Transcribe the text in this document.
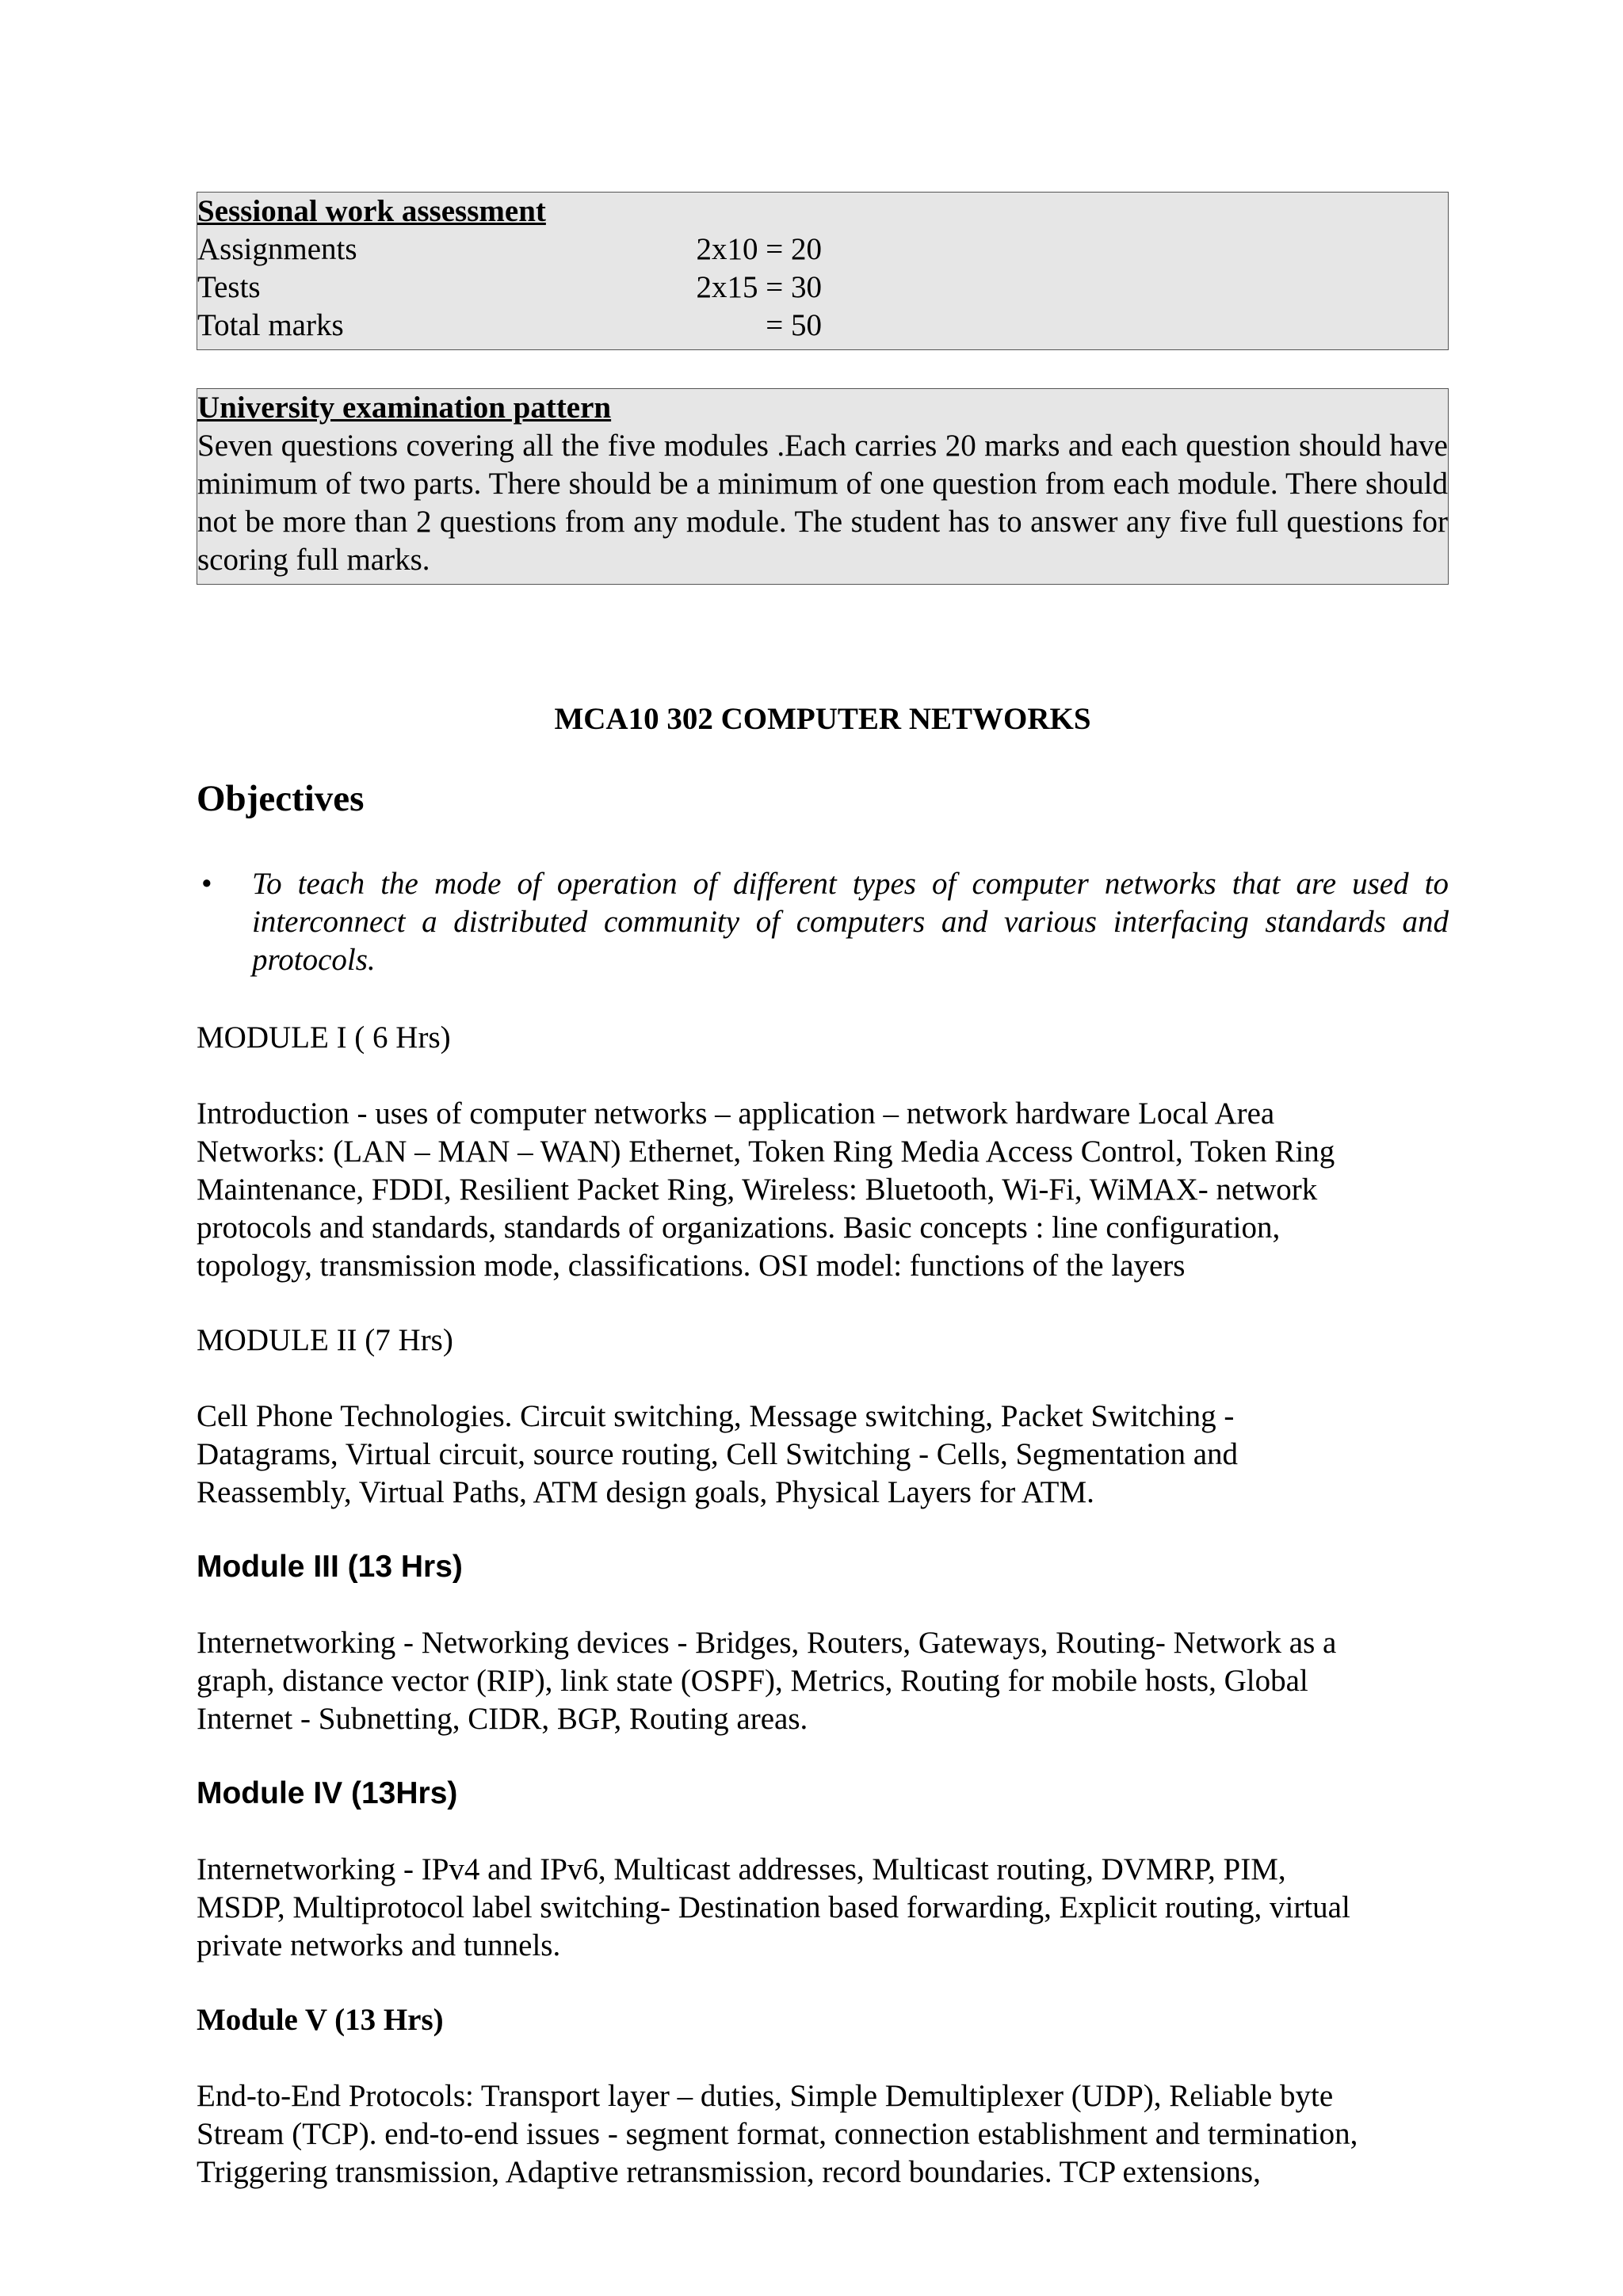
Sessional work assessment
Assignments	2x10 = 20
Tests	2x15 = 30
Total marks	= 50
University examination pattern
Seven questions covering all the five modules .Each carries 20 marks and each question should have minimum of two parts. There should be a minimum of one question from each module. There should not be more than 2 questions from any module. The student has to answer any five full questions for scoring full marks.
MCA10 302 COMPUTER NETWORKS
Objectives
• To teach the mode of operation of different types of computer networks that are used to interconnect a distributed community of computers and various interfacing standards and protocols.
MODULE I ( 6 Hrs)
Introduction - uses of computer networks – application – network hardware Local Area
Networks: (LAN – MAN – WAN) Ethernet, Token Ring Media Access Control, Token Ring
Maintenance, FDDI, Resilient Packet Ring, Wireless: Bluetooth, Wi-Fi, WiMAX- network
protocols and standards, standards of organizations. Basic concepts : line configuration,
topology, transmission mode, classifications. OSI model: functions of the layers
MODULE II (7 Hrs)
Cell Phone Technologies. Circuit switching, Message switching, Packet Switching -
Datagrams, Virtual circuit, source routing, Cell Switching - Cells, Segmentation and
Reassembly, Virtual Paths, ATM design goals, Physical Layers for ATM.
Module III (13 Hrs)
Internetworking - Networking devices - Bridges, Routers, Gateways, Routing- Network as a
graph, distance vector (RIP), link state (OSPF), Metrics, Routing for mobile hosts, Global
Internet - Subnetting, CIDR, BGP, Routing areas.
Module IV (13Hrs)
Internetworking - IPv4 and IPv6, Multicast addresses, Multicast routing, DVMRP, PIM,
MSDP, Multiprotocol label switching- Destination based forwarding, Explicit routing, virtual
private networks and tunnels.
Module V (13 Hrs)
End-to-End Protocols: Transport layer – duties, Simple Demultiplexer (UDP), Reliable byte
Stream (TCP). end-to-end issues - segment format, connection establishment and termination,
Triggering transmission, Adaptive retransmission, record boundaries. TCP extensions,
